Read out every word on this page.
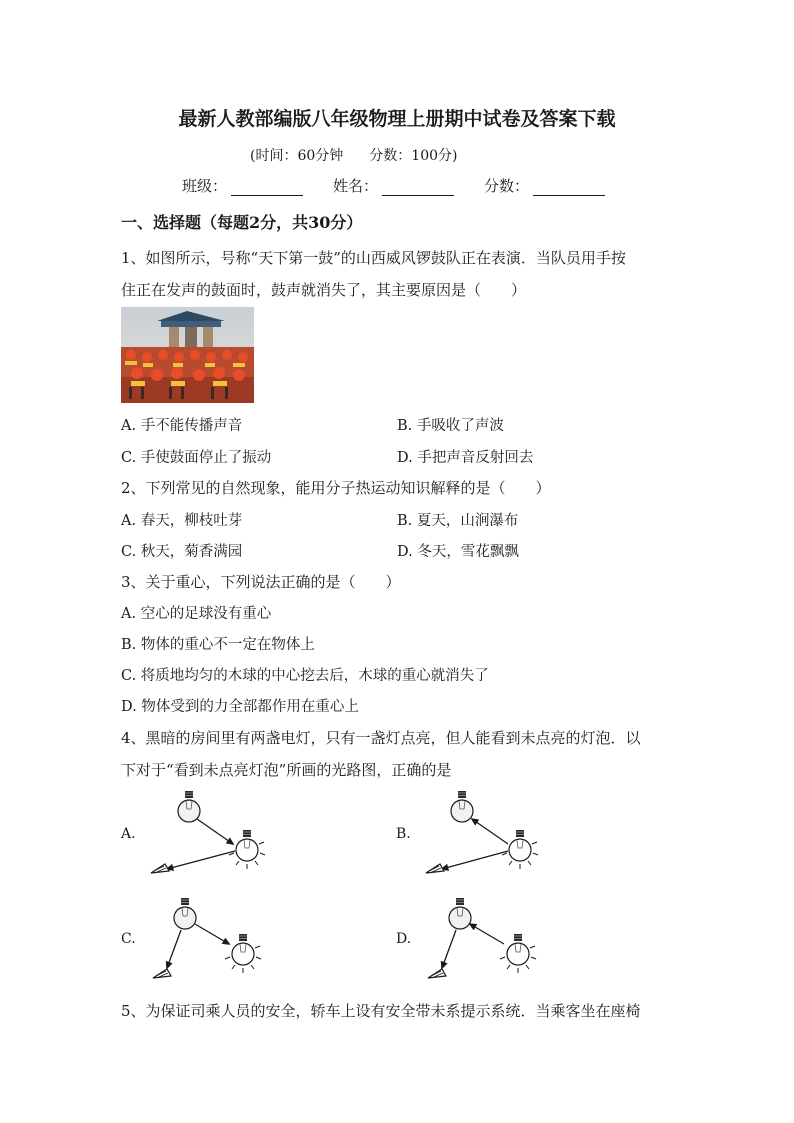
最新人教部编版八年级物理上册期中试卷及答案下载
(时间：60分钟 分数：100分)
班级：	姓名：	分数：
一、选择题（每题2分，共30分）
1、如图所示，号称“天下第一鼓”的山西威风锣鼓队正在表演．当队员用手按
住正在发声的鼓面时，鼓声就消失了，其主要原因是（　　）
A. 手不能传播声音	B. 手吸收了声波
C. 手使鼓面停止了振动	D. 手把声音反射回去
2、下列常见的自然现象，能用分子热运动知识解释的是（　　）
A. 春天，柳枝吐芽	B. 夏天，山涧瀑布
C. 秋天，菊香满园	D. 冬天，雪花飘飘
3、关于重心，下列说法正确的是（　　）
A. 空心的足球没有重心
B. 物体的重心不一定在物体上
C. 将质地均匀的木球的中心挖去后，木球的重心就消失了
D. 物体受到的力全部都作用在重心上
4、黑暗的房间里有两盏电灯，只有一盏灯点亮，但人能看到未点亮的灯泡．以
下对于“看到未点亮灯泡”所画的光路图，正确的是
A.	B.
C.	D.
5、为保证司乘人员的安全，轿车上设有安全带未系提示系统．当乘客坐在座椅
